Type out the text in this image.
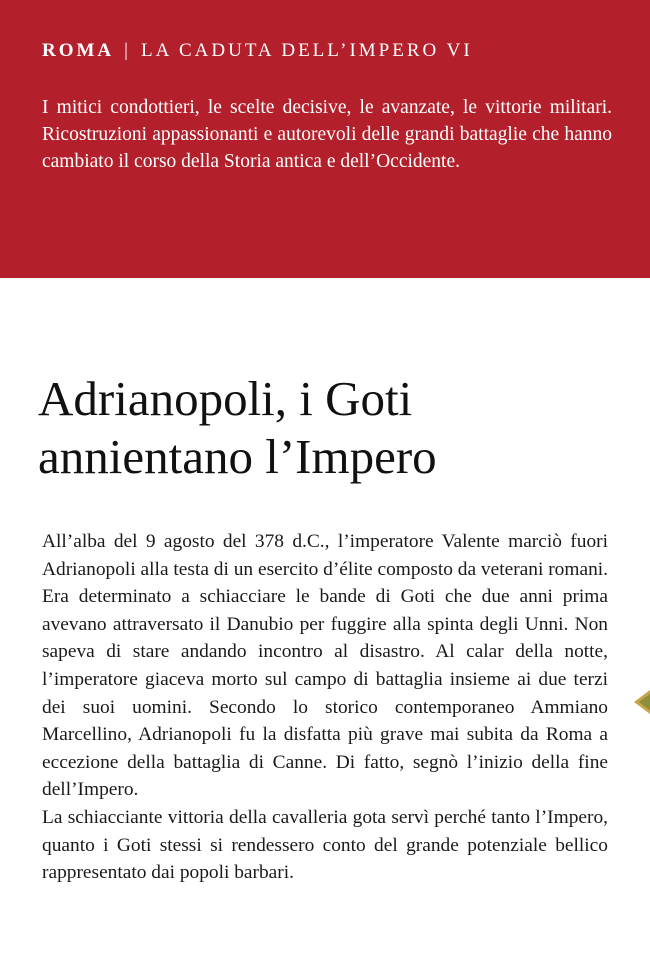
ROMA | LA CADUTA DELL’IMPERO VI

I mitici condottieri, le scelte decisive, le avanzate, le vittorie militari. Ricostruzioni appassionanti e autorevoli delle grandi battaglie che hanno cambiato il corso della Storia antica e dell’Occidente.

Adrianopoli, i Goti
annientano l’Impero

All’alba del 9 agosto del 378 d.C., l’imperatore Valente marciò fuori Adrianopoli alla testa di un esercito d’élite composto da veterani romani. Era determinato a schiacciare le bande di Goti che due anni prima avevano attraversato il Danubio per fuggire alla spinta degli Unni. Non sapeva di stare andando incontro al disastro. Al calar della notte, l’imperatore giaceva morto sul campo di battaglia insieme ai due terzi dei suoi uomini. Secondo lo storico contemporaneo Ammiano Marcellino, Adrianopoli fu la disfatta più grave mai subita da Roma a eccezione della battaglia di Canne. Di fatto, segnò l’inizio della fine dell’Impero.

La schiacciante vittoria della cavalleria gota servì perché tanto l’Impero, quanto i Goti stessi si rendessero conto del grande potenziale bellico rappresentato dai popoli barbari.
